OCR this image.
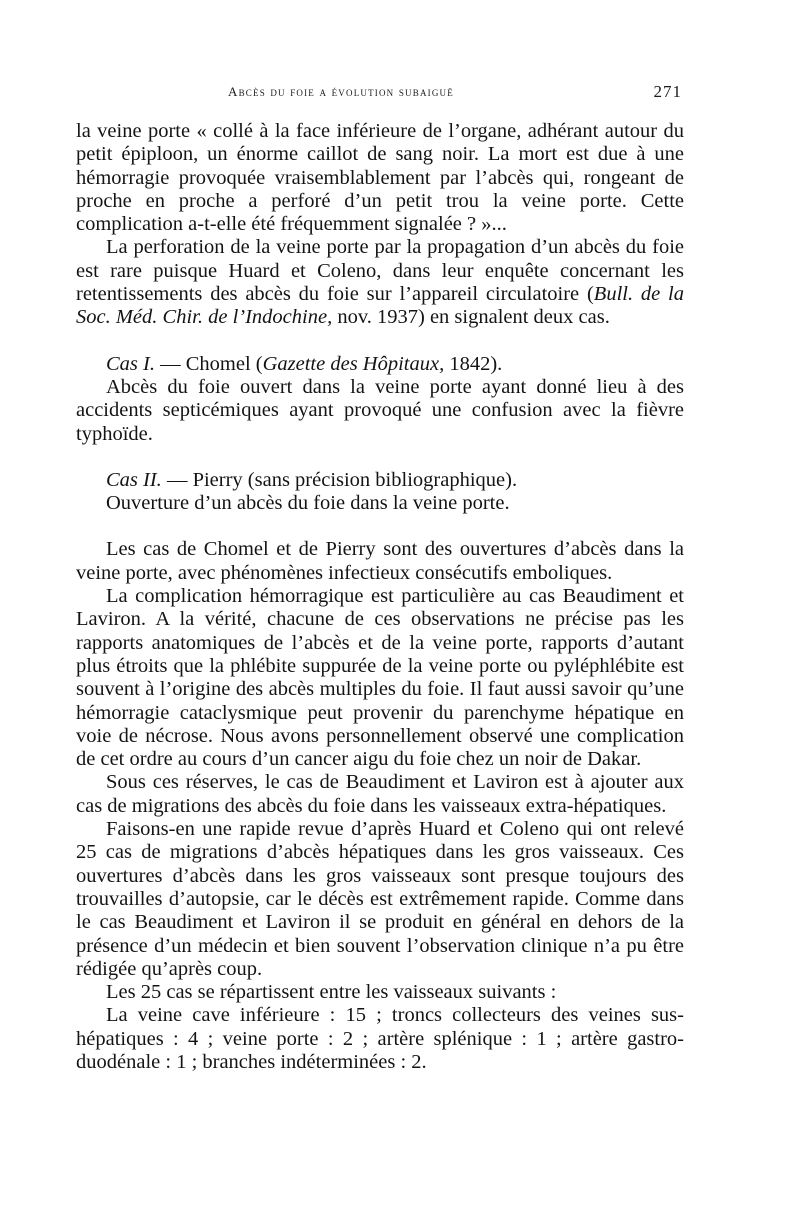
Abcès du foie a évolution subaiguë	271

la veine porte « collé à la face inférieure de l’organe, adhérant autour du petit épiploon, un énorme caillot de sang noir. La mort est due à une hémorragie provoquée vraisemblablement par l’abcès qui, rongeant de proche en proche a perforé d’un petit trou la veine porte. Cette complication a-t-elle été fréquemment signalée ? »...

La perforation de la veine porte par la propagation d’un abcès du foie est rare puisque Huard et Coleno, dans leur enquête concernant les retentissements des abcès du foie sur l’appareil circulatoire (Bull. de la Soc. Méd. Chir. de l’Indochine, nov. 1937) en signalent deux cas.

Cas I. — Chomel (Gazette des Hôpitaux, 1842).

Abcès du foie ouvert dans la veine porte ayant donné lieu à des accidents septicémiques ayant provoqué une confusion avec la fièvre typhoïde.

Cas II. — Pierry (sans précision bibliographique).

Ouverture d’un abcès du foie dans la veine porte.

Les cas de Chomel et de Pierry sont des ouvertures d’abcès dans la veine porte, avec phénomènes infectieux consécutifs emboliques.

La complication hémorragique est particulière au cas Beaudiment et Laviron. A la vérité, chacune de ces observations ne précise pas les rapports anatomiques de l’abcès et de la veine porte, rapports d’autant plus étroits que la phlébite suppurée de la veine porte ou pyléphlébite est souvent à l’origine des abcès multiples du foie. Il faut aussi savoir qu’une hémorragie cataclysmique peut provenir du parenchyme hépatique en voie de nécrose. Nous avons personnellement observé une complication de cet ordre au cours d’un cancer aigu du foie chez un noir de Dakar.

Sous ces réserves, le cas de Beaudiment et Laviron est à ajouter aux cas de migrations des abcès du foie dans les vaisseaux extra-hépatiques.

Faisons-en une rapide revue d’après Huard et Coleno qui ont relevé 25 cas de migrations d’abcès hépatiques dans les gros vaisseaux. Ces ouvertures d’abcès dans les gros vaisseaux sont presque toujours des trouvailles d’autopsie, car le décès est extrêmement rapide. Comme dans le cas Beaudiment et Laviron il se produit en général en dehors de la présence d’un médecin et bien souvent l’observation clinique n’a pu être rédigée qu’après coup.

Les 25 cas se répartissent entre les vaisseaux suivants :

La veine cave inférieure : 15 ; troncs collecteurs des veines sus-hépatiques : 4 ; veine porte : 2 ; artère splénique : 1 ; artère gastro-duodénale : 1 ; branches indéterminées : 2.
